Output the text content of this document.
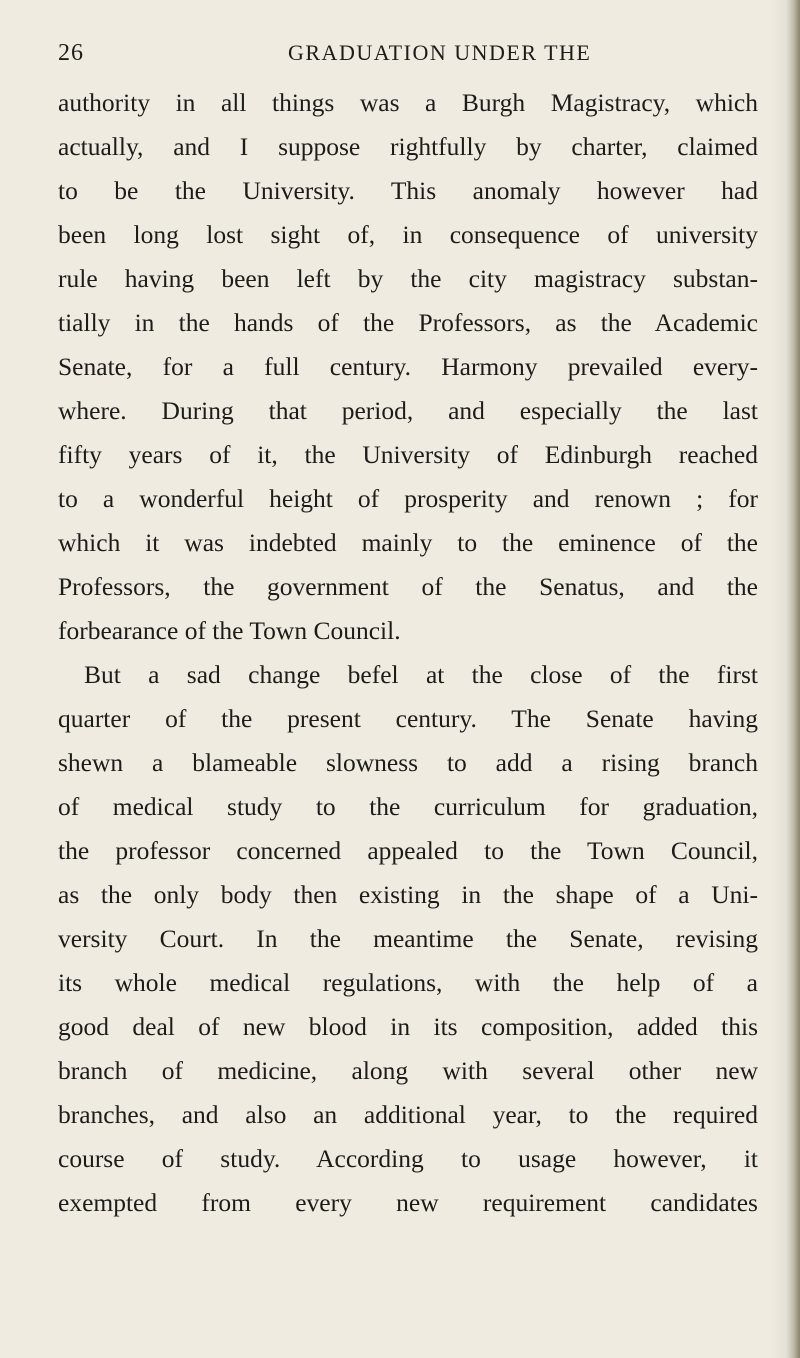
26	GRADUATION UNDER THE
authority in all things was a Burgh Magistracy, which
actually, and I suppose rightfully by charter, claimed
to be the University. This anomaly however had
been long lost sight of, in consequence of university
rule having been left by the city magistracy substan-
tially in the hands of the Professors, as the Academic
Senate, for a full century. Harmony prevailed every-
where. During that period, and especially the last
fifty years of it, the University of Edinburgh reached
to a wonderful height of prosperity and renown ; for
which it was indebted mainly to the eminence of the
Professors, the government of the Senatus, and the
forbearance of the Town Council.
But a sad change befel at the close of the first
quarter of the present century. The Senate having
shewn a blameable slowness to add a rising branch
of medical study to the curriculum for graduation,
the professor concerned appealed to the Town Council,
as the only body then existing in the shape of a Uni-
versity Court. In the meantime the Senate, revising
its whole medical regulations, with the help of a
good deal of new blood in its composition, added this
branch of medicine, along with several other new
branches, and also an additional year, to the required
course of study. According to usage however, it
exempted from every new requirement candidates
